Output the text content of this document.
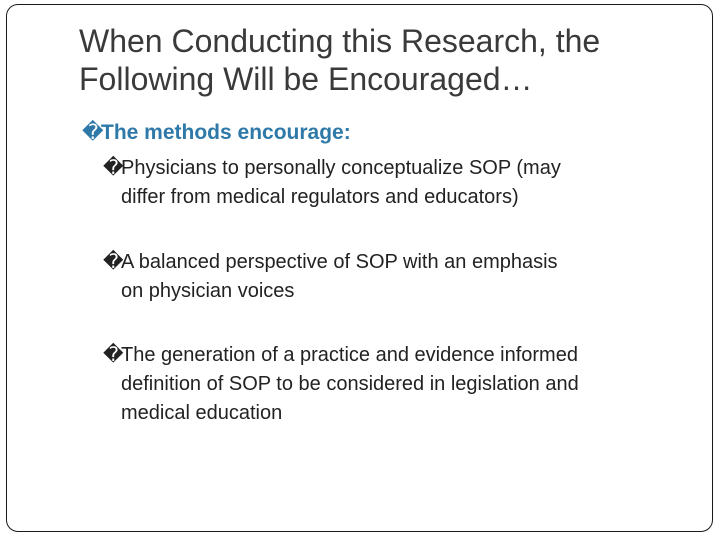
When Conducting this Research, the
Following Will be Encouraged…
�The methods encourage:
�Physicians to personally conceptualize SOP (may
differ from medical regulators and educators)
�A balanced perspective of SOP with an emphasis
on physician voices
�The generation of a practice and evidence informed
definition of SOP to be considered in legislation and
medical education
